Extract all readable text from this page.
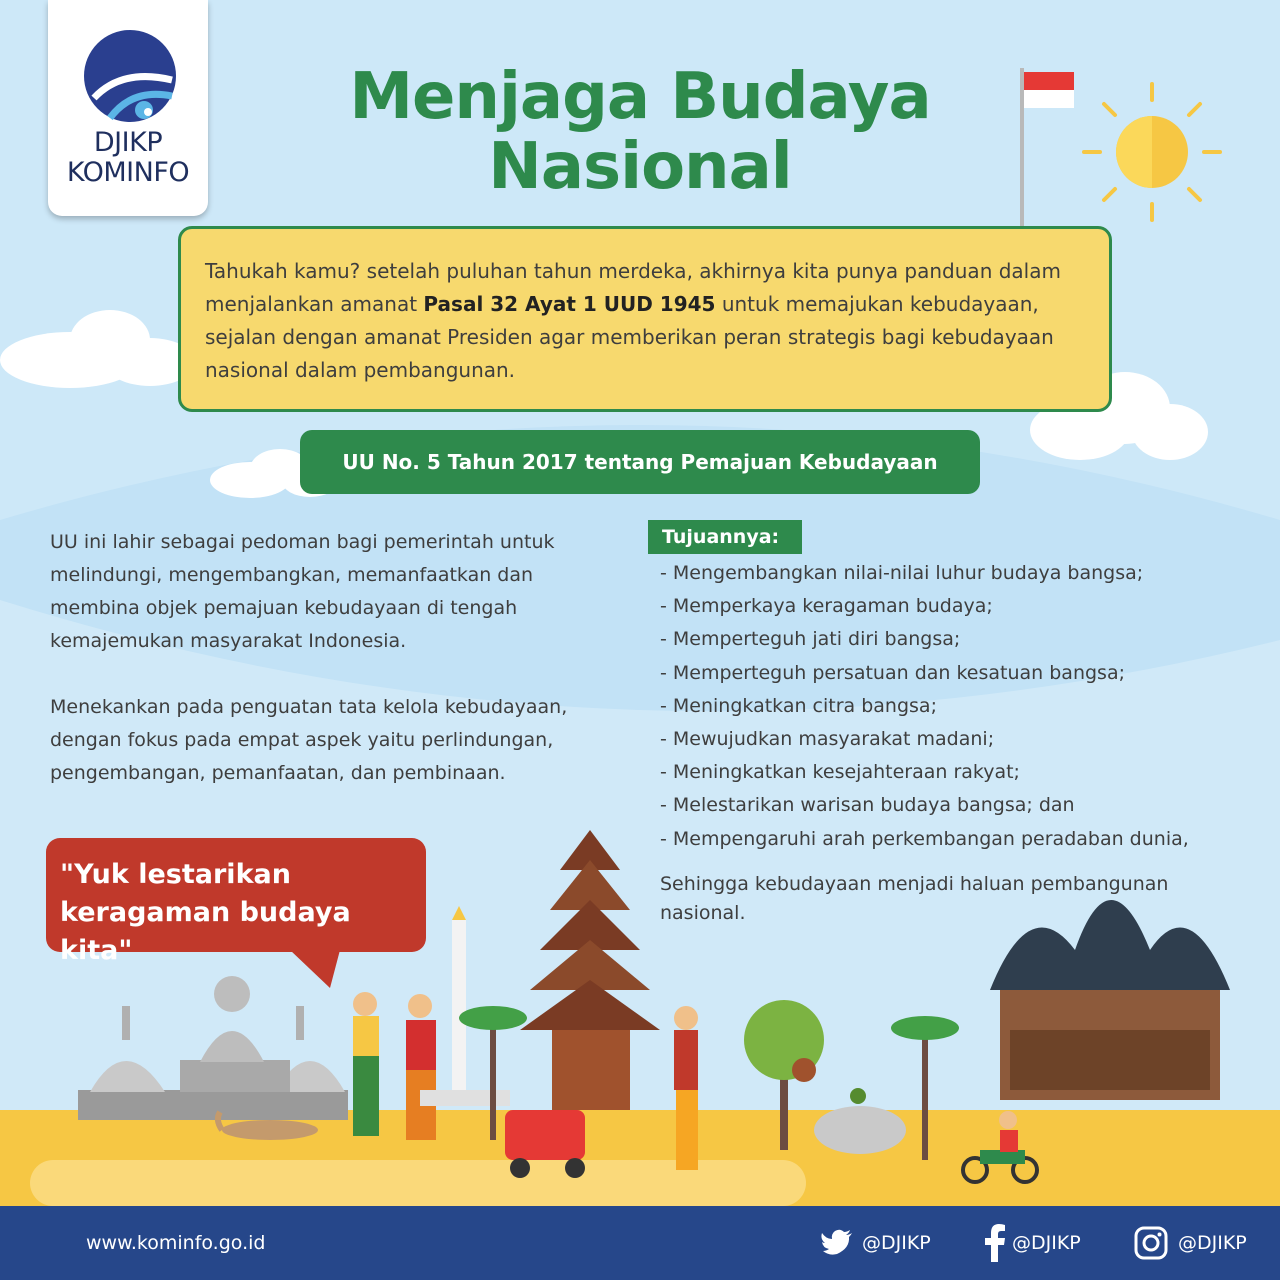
DJIKP
KOMINFO
Menjaga Budaya
Nasional
Tahukah kamu? setelah puluhan tahun merdeka, akhirnya kita punya panduan dalam menjalankan amanat Pasal 32 Ayat 1 UUD 1945 untuk memajukan kebudayaan, sejalan dengan amanat Presiden agar memberikan peran strategis bagi kebudayaan nasional dalam pembangunan.
UU No. 5 Tahun 2017 tentang Pemajuan Kebudayaan
UU ini lahir sebagai pedoman bagi pemerintah untuk melindungi, mengembangkan, memanfaatkan dan membina objek pemajuan kebudayaan di tengah kemajemukan masyarakat Indonesia.
Menekankan pada penguatan tata kelola kebudayaan, dengan fokus pada empat aspek yaitu perlindungan, pengembangan, pemanfaatan, dan pembinaan.
Tujuannya:
- Mengembangkan nilai-nilai luhur budaya bangsa;
- Memperkaya keragaman budaya;
- Memperteguh jati diri bangsa;
- Memperteguh persatuan dan kesatuan bangsa;
- Meningkatkan citra bangsa;
- Mewujudkan masyarakat madani;
- Meningkatkan kesejahteraan rakyat;
- Melestarikan warisan budaya bangsa; dan
- Mempengaruhi arah perkembangan peradaban dunia,
Sehingga kebudayaan menjadi haluan pembangunan nasional.
"Yuk lestarikan
keragaman budaya kita"
www.kominfo.go.id	@DJIKP	@DJIKP	@DJIKP
